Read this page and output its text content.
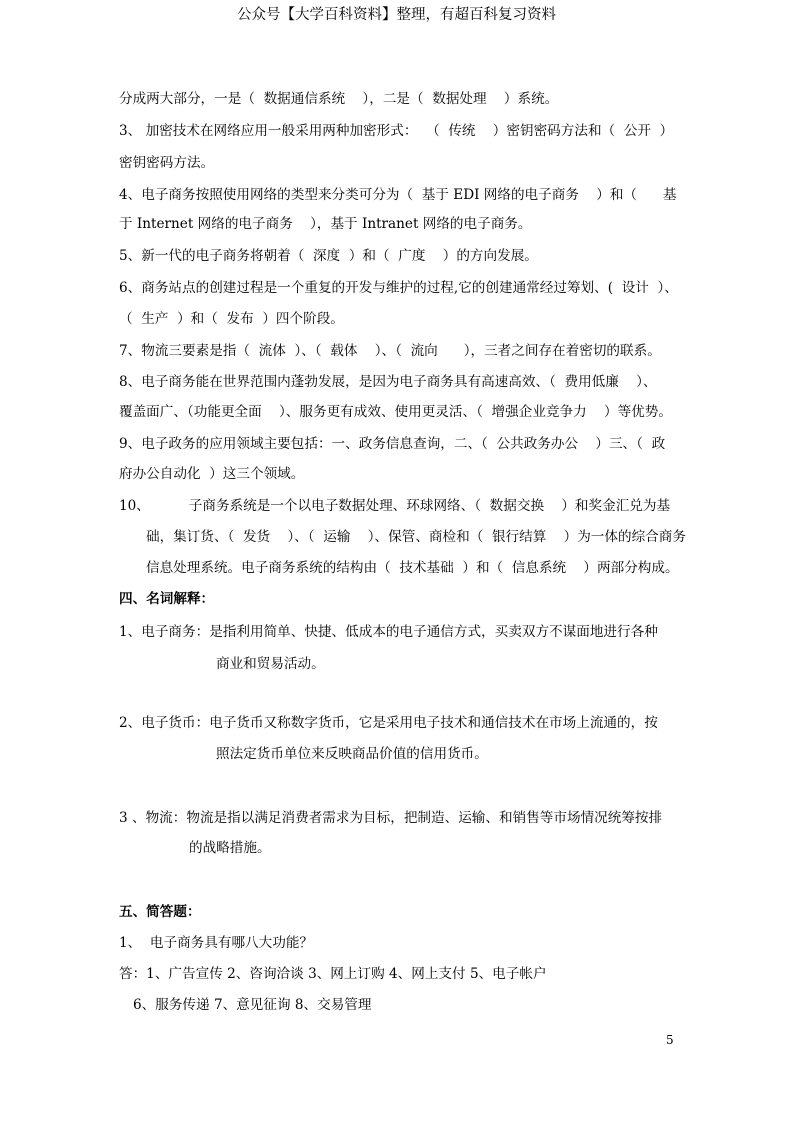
公众号【大学百科资料】整理，有超百科复习资料
分成两大部分，一是（  数据通信系统    ），二是（  数据处理    ）系统。
3、 加密技术在网络应用一般采用两种加密形式：  （  传统    ）密钥密码方法和（  公开  ）
密钥密码方法。
4、电子商务按照使用网络的类型来分类可分为（  基于 EDI 网络的电子商务    ）和（      基
于 Internet 网络的电子商务    ），基于 Intranet 网络的电子商务。
5、新一代的电子商务将朝着（  深度  ）和（  广度    ）的方向发展。
6、商务站点的创建过程是一个重复的开发与维护的过程,它的创建通常经过筹划、(  设计  ）、
（  生产  ）和（  发布  ）四个阶段。
7、物流三要素是指（  流体  ）、（  载体    ）、（  流向      ），三者之间存在着密切的联系。
8、电子商务能在世界范围内蓬勃发展，是因为电子商务具有高速高效、（  费用低廉    ）、
覆盖面广、（功能更全面    ）、服务更有成效、使用更灵活、（  增强企业竞争力    ）等优势。
9、电子政务的应用领域主要包括：一、政务信息查询，二、（  公共政务办公    ）三、（  政
府办公自动化  ）这三个领域。
10、         子商务系统是一个以电子数据处理、环球网络、（  数据交换    ）和奖金汇兑为基
础，集订货、（  发货    ）、（  运输    ）、保管、商检和（  银行结算    ）为一体的综合商务
信息处理系统。电子商务系统的结构由（  技术基础  ）和（  信息系统    ）两部分构成。
四、名词解释：
1、电子商务：是指利用简单、快捷、低成本的电子通信方式，买卖双方不谋面地进行各种
商业和贸易活动。
2、电子货币：电子货币又称数字货币，它是采用电子技术和通信技术在市场上流通的，按
照法定货币单位来反映商品价值的信用货币。
3 、物流：物流是指以满足消费者需求为目标，把制造、运输、和销售等市场情况统筹按排
的战略措施。
五、简答题：
1、  电子商务具有哪八大功能？
答：1、广告宣传 2、咨询洽谈 3、网上订购 4、网上支付 5、电子帐户
6、服务传递 7、意见征询 8、交易管理
5
